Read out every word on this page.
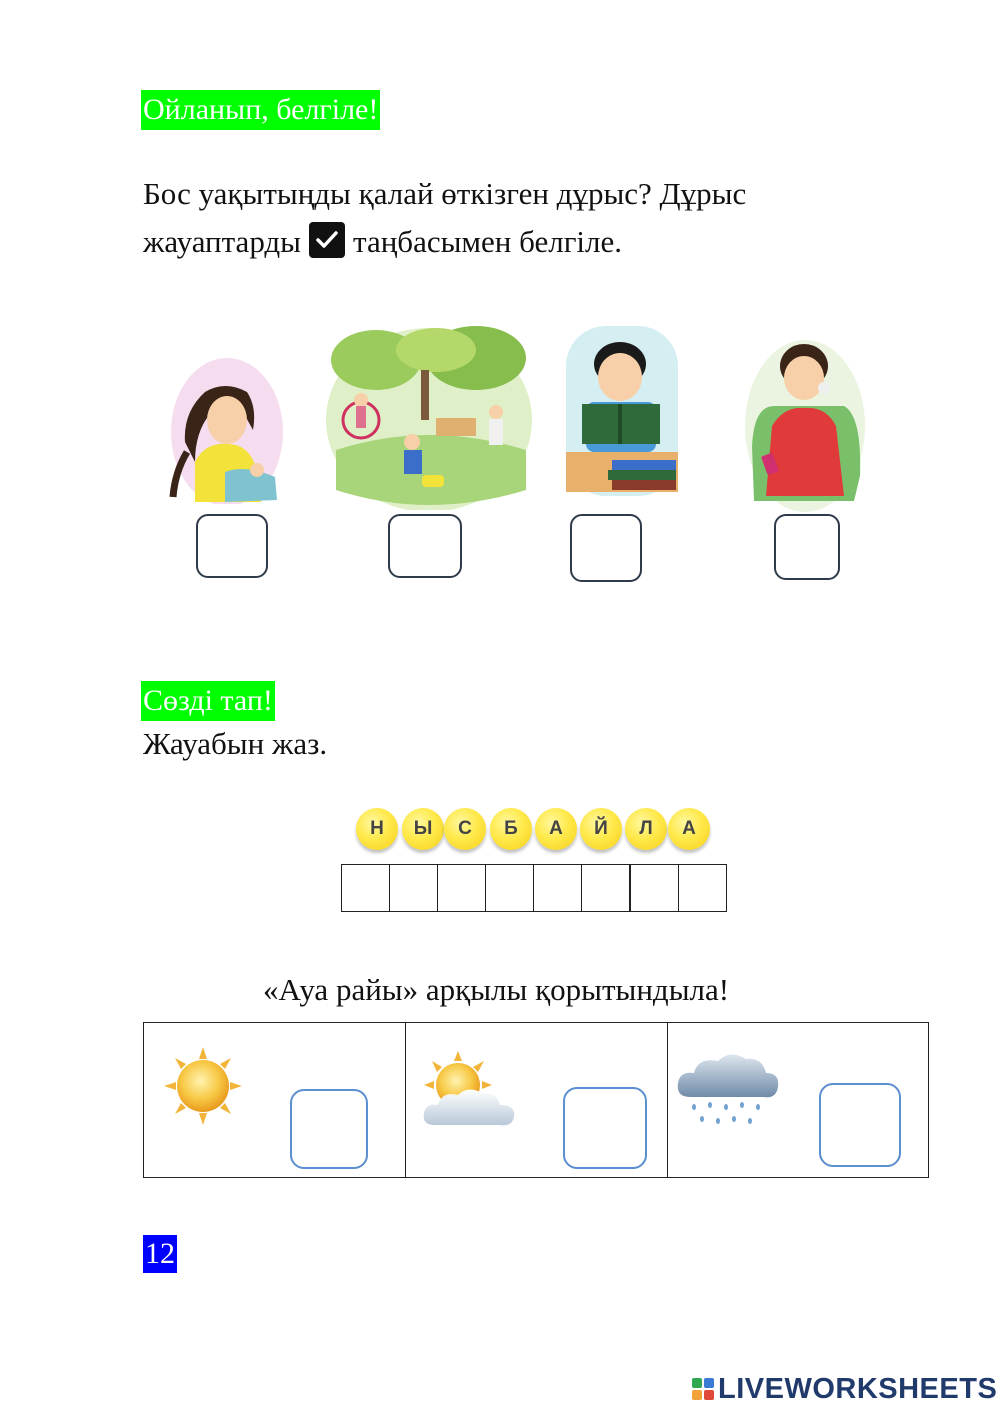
Ойланып, белгіле!
Бос уақытыңды қалай өткізген дұрыс? Дұрыс
жауаптарды таңбасымен белгіле.
Сөзді тап!
Жауабын жаз.
Н	Ы	С	Б	А	Й	Л	А
«Ауа райы» арқылы қорытындыла!
12
LIVEWORKSHEETS
